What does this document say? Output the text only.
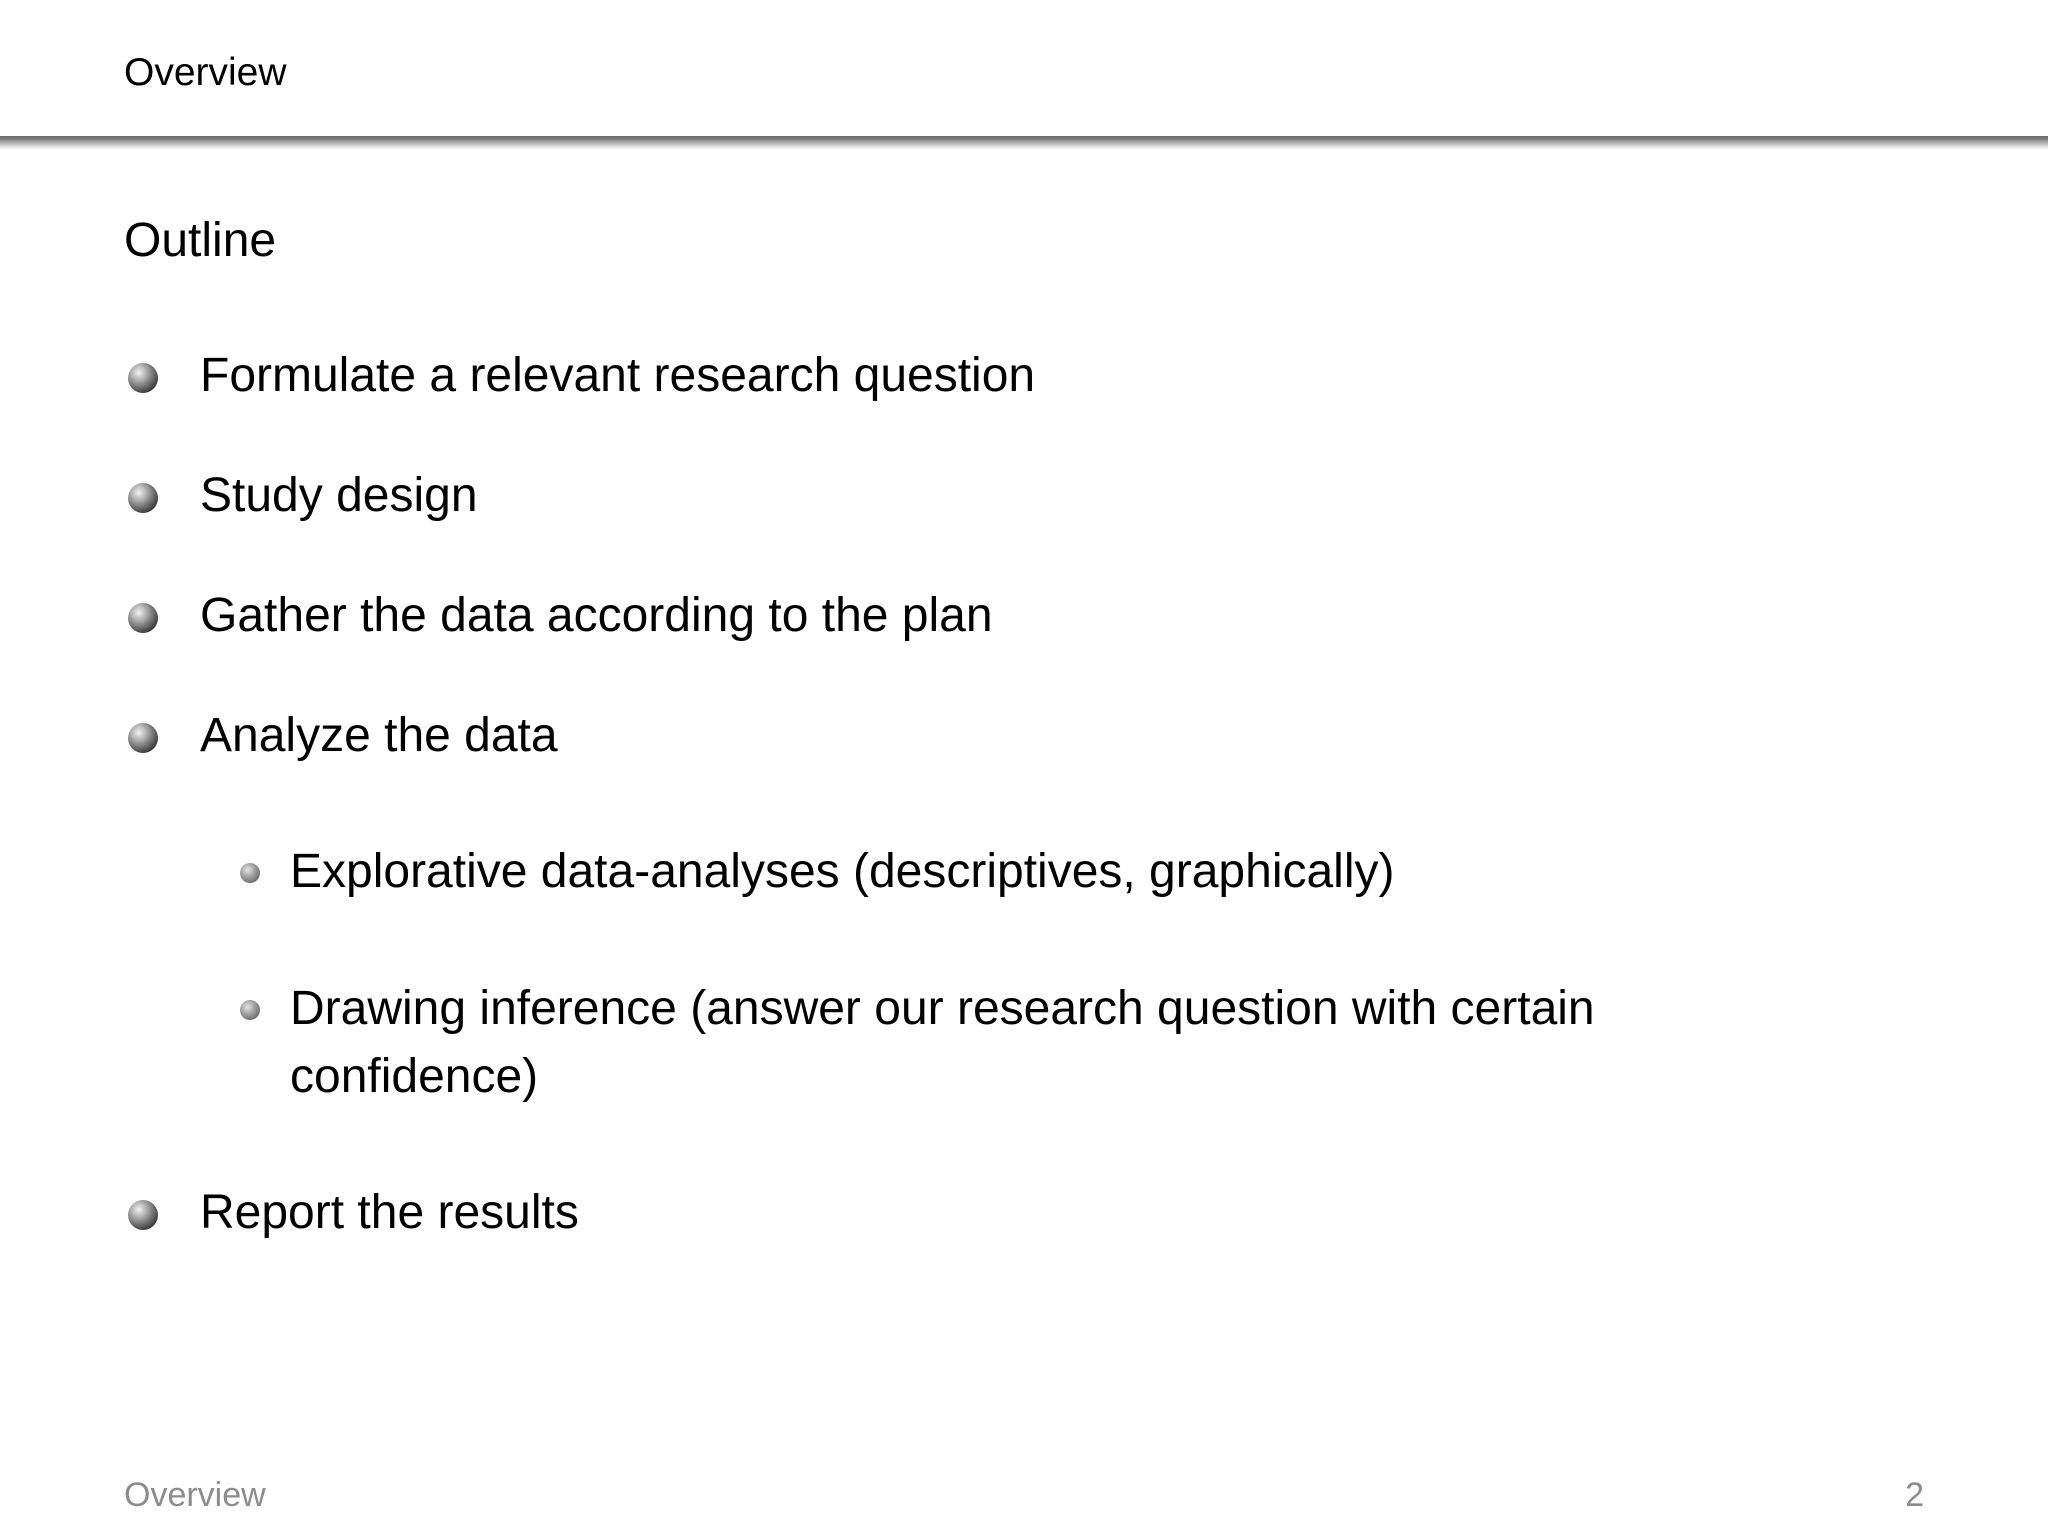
Overview
Outline
Formulate a relevant research question
Study design
Gather the data according to the plan
Analyze the data
Explorative data-analyses (descriptives, graphically)
Drawing inference (answer our research question with certain confidence)
Report the results
Overview	2
